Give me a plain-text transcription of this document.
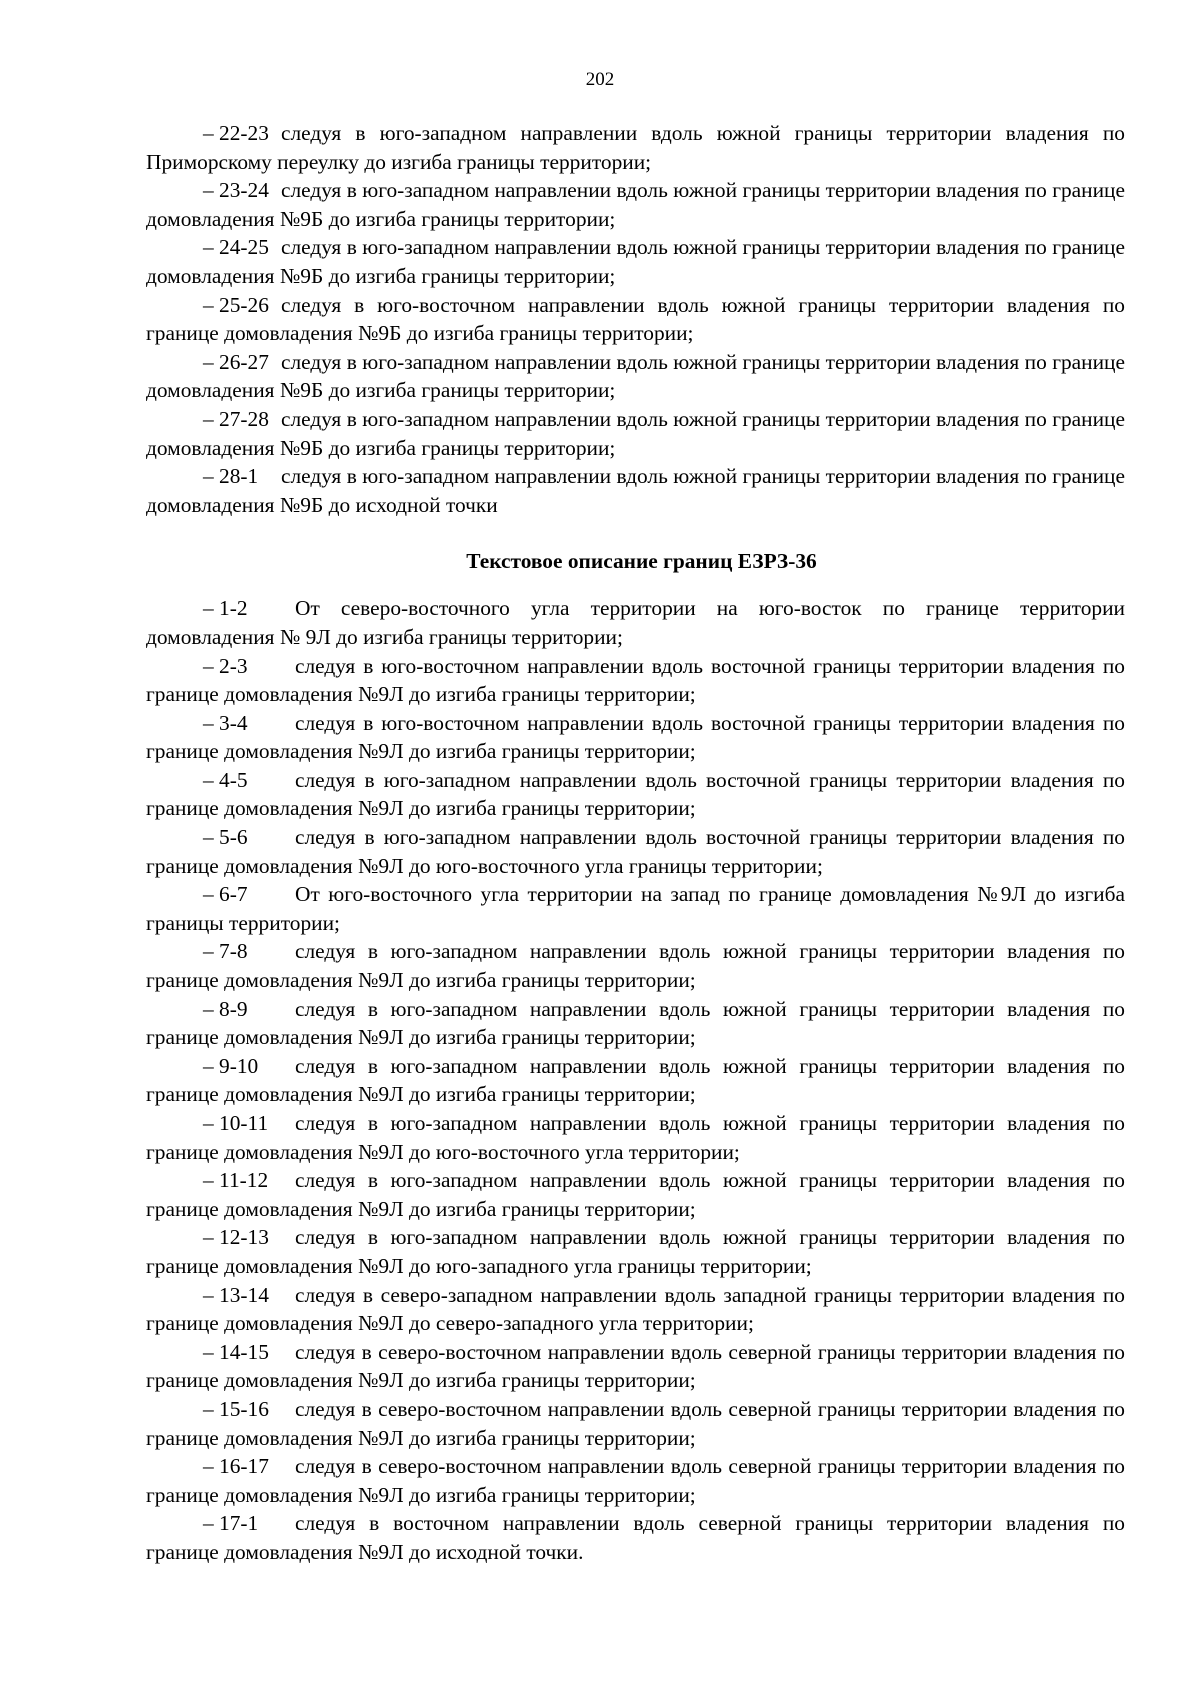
202

– 22-23 следуя в юго-западном направлении вдоль южной границы территории владения по Приморскому переулку до изгиба границы территории;

– 23-24 следуя в юго-западном направлении вдоль южной границы территории владения по границе домовладения №9Б до изгиба границы территории;

– 24-25 следуя в юго-западном направлении вдоль южной границы территории владения по границе домовладения №9Б до изгиба границы территории;

– 25-26 следуя в юго-восточном направлении вдоль южной границы территории владения по границе домовладения №9Б до изгиба границы территории;

– 26-27 следуя в юго-западном направлении вдоль южной границы территории владения по границе домовладения №9Б до изгиба границы территории;

– 27-28 следуя в юго-западном направлении вдоль южной границы территории владения по границе домовладения №9Б до изгиба границы территории;

– 28-1 следуя в юго-западном направлении вдоль южной границы территории владения по границе домовладения №9Б до исходной точки

Текстовое описание границ ЕЗРЗ-36

– 1-2 От северо-восточного угла территории на юго-восток по границе территории домовладения № 9Л до изгиба границы территории;

– 2-3 следуя в юго-восточном направлении вдоль восточной границы территории владения по границе домовладения №9Л до изгиба границы территории;

– 3-4 следуя в юго-восточном направлении вдоль восточной границы территории владения по границе домовладения №9Л до изгиба границы территории;

– 4-5 следуя в юго-западном направлении вдоль восточной границы территории владения по границе домовладения №9Л до изгиба границы территории;

– 5-6 следуя в юго-западном направлении вдоль восточной границы территории владения по границе домовладения №9Л до юго-восточного угла границы территории;

– 6-7 От юго-восточного угла территории на запад по границе домовладения №9Л до изгиба границы территории;

– 7-8 следуя в юго-западном направлении вдоль южной границы территории владения по границе домовладения №9Л до изгиба границы территории;

– 8-9 следуя в юго-западном направлении вдоль южной границы территории владения по границе домовладения №9Л до изгиба границы территории;

– 9-10 следуя в юго-западном направлении вдоль южной границы территории владения по границе домовладения №9Л до изгиба границы территории;

– 10-11 следуя в юго-западном направлении вдоль южной границы территории владения по границе домовладения №9Л до юго-восточного угла территории;

– 11-12 следуя в юго-западном направлении вдоль южной границы территории владения по границе домовладения №9Л до изгиба границы территории;

– 12-13 следуя в юго-западном направлении вдоль южной границы территории владения по границе домовладения №9Л до юго-западного угла границы территории;

– 13-14 следуя в северо-западном направлении вдоль западной границы территории владения по границе домовладения №9Л до северо-западного угла территории;

– 14-15 следуя в северо-восточном направлении вдоль северной границы территории владения по границе домовладения №9Л до изгиба границы территории;

– 15-16 следуя в северо-восточном направлении вдоль северной границы территории владения по границе домовладения №9Л до изгиба границы территории;

– 16-17 следуя в северо-восточном направлении вдоль северной границы территории владения по границе домовладения №9Л до изгиба границы территории;

– 17-1 следуя в восточном направлении вдоль северной границы территории владения по границе домовладения №9Л до исходной точки.
